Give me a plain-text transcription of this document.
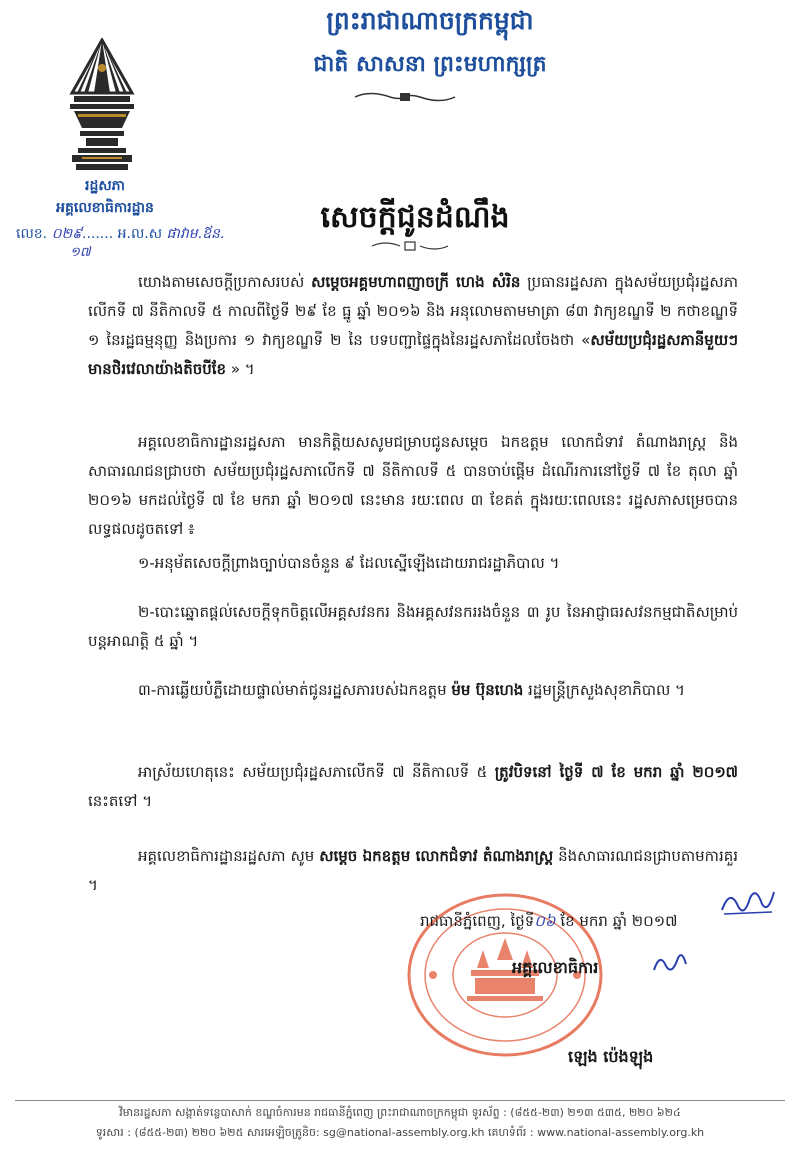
ព្រះរាជាណាចក្រកម្ពុជា
ជាតិ សាសនា ព្រះមហាក្សត្រ
រដ្ឋសភា
អគ្គលេខាធិការដ្ឋាន
លេខ. ០២៩....... អ.ល.ស ផាវាម.ឪន.
១៧
សេចក្តីជូនដំណឹង
យោងតាមសេចក្តីប្រកាសរបស់ សម្តេចអគ្គមហាពញាចក្រី ហេង សំរិន ប្រធានរដ្ឋសភា ក្នុងសម័យប្រជុំរដ្ឋសភាលើកទី ៧ នីតិកាលទី ៥ កាលពីថ្ងៃទី ២៩ ខែ ធ្នូ ឆ្នាំ ២០១៦ និង អនុលោមតាមមាត្រា ៨៣ វាក្យខណ្ឌទី ២ កថាខណ្ឌទី ១ នៃរដ្ឋធម្មនុញ្ញ និងប្រការ ១ វាក្យខណ្ឌទី ២ នៃ បទបញ្ជាផ្ទៃក្នុងនៃរដ្ឋសភាដែលចែងថា «សម័យប្រជុំរដ្ឋសភានីមួយៗមានថិរវេលាយ៉ាងតិចបីខែ » ។
អគ្គលេខាធិការដ្ឋានរដ្ឋសភា មានកិត្តិយសសូមជម្រាបជូនសម្តេច ឯកឧត្តម លោកជំទាវ តំណាងរាស្ត្រ និងសាធារណជនជ្រាបថា សម័យប្រជុំរដ្ឋសភាលើកទី ៧ នីតិកាលទី ៥ បានចាប់ផ្តើម ដំណើរការនៅថ្ងៃទី ៧ ខែ តុលា ឆ្នាំ ២០១៦ មកដល់ថ្ងៃទី ៧ ខែ មករា ឆ្នាំ ២០១៧ នេះមាន រយៈពេល ៣ ខែគត់ ក្នុងរយៈពេលនេះ រដ្ឋសភាសម្រេចបានលទ្ធផលដូចតទៅ ៖
១-អនុម័តសេចក្តីព្រាងច្បាប់បានចំនួន ៩ ដែលស្នើឡើងដោយរាជរដ្ឋាភិបាល ។
២-បោះឆ្នោតផ្តល់សេចក្តីទុកចិត្តលើអគ្គសវនករ និងអគ្គសវនកររងចំនួន ៣ រូប នៃអាជ្ញាធរសវនកម្មជាតិសម្រាប់បន្តអាណត្តិ ៥ ឆ្នាំ ។
៣-ការឆ្លើយបំភ្លឺដោយផ្ទាល់មាត់ជូនរដ្ឋសភារបស់ឯកឧត្តម ម៉ម ប៊ុនហេង រដ្ឋមន្ត្រីក្រសួងសុខាភិបាល ។
អាស្រ័យហេតុនេះ សម័យប្រជុំរដ្ឋសភាលើកទី ៧ នីតិកាលទី ៥ ត្រូវបិទនៅ ថ្ងៃទី ៧ ខែ មករា ឆ្នាំ ២០១៧ នេះតទៅ ។
អគ្គលេខាធិការដ្ឋានរដ្ឋសភា សូម សម្តេច ឯកឧត្តម លោកជំទាវ តំណាងរាស្ត្រ និងសាធារណជនជ្រាបតាមការគួរ ។
រាជធានីភ្នំពេញ, ថ្ងៃទី០៦ ខែ មករា ឆ្នាំ ២០១៧
អគ្គលេខាធិការ
ឡេង ប៉េងឡុង
វិមានរដ្ឋសភា សង្កាត់ទន្លេបាសាក់ ខណ្ឌចំការមន រាជធានីភ្នំពេញ ព្រះរាជាណាចក្រកម្ពុជា ទូរស័ព្ទ : (៨៥៥-២៣) ២១៣ ៥៣៥, ២២០ ៦២៤
ទូរសារ : (៨៥៥-២៣) ២២០ ៦២៥ សារអេឡិចត្រូនិច: sg@national-assembly.org.kh គេហទំព័រ : www.national-assembly.org.kh
